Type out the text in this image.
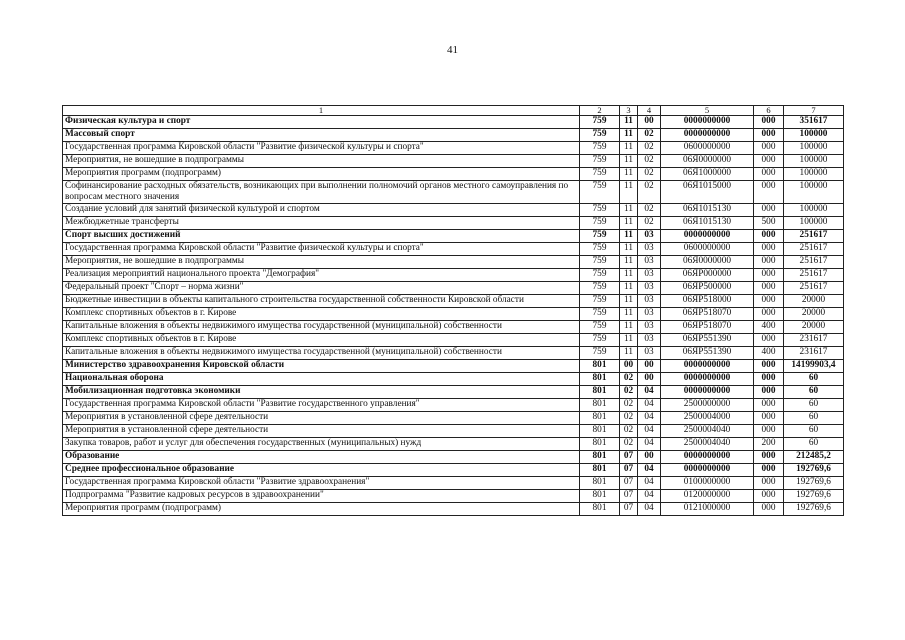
41
1	2	3	4	5	6	7
Физическая культура и спорт	759	11	00	0000000000	000	351617
Массовый спорт	759	11	02	0000000000	000	100000
Государственная программа Кировской области "Развитие физической культуры и спорта"	759	11	02	0600000000	000	100000
Мероприятия, не вошедшие в подпрограммы	759	11	02	06Я0000000	000	100000
Мероприятия программ (подпрограмм)	759	11	02	06Я1000000	000	100000
Софинансирование расходных обязательств, возникающих при выполнении полномочий органов местного самоуправления по вопросам местного значения	759	11	02	06Я1015000	000	100000
Создание условий для занятий физической культурой и спортом	759	11	02	06Я1015130	000	100000
Межбюджетные трансферты	759	11	02	06Я1015130	500	100000
Спорт высших достижений	759	11	03	0000000000	000	251617
Государственная программа Кировской области "Развитие физической культуры и спорта"	759	11	03	0600000000	000	251617
Мероприятия, не вошедшие в подпрограммы	759	11	03	06Я0000000	000	251617
Реализация мероприятий национального проекта "Демография"	759	11	03	06ЯР000000	000	251617
Федеральный проект "Спорт – норма жизни"	759	11	03	06ЯР500000	000	251617
Бюджетные инвестиции в объекты капитального строительства государственной собственности Кировской области	759	11	03	06ЯР518000	000	20000
Комплекс спортивных объектов в г. Кирове	759	11	03	06ЯР518070	000	20000
Капитальные вложения в объекты недвижимого имущества государственной (муниципальной) собственности	759	11	03	06ЯР518070	400	20000
Комплекс спортивных объектов в г. Кирове	759	11	03	06ЯР551390	000	231617
Капитальные вложения в объекты недвижимого имущества государственной (муниципальной) собственности	759	11	03	06ЯР551390	400	231617
Министерство здравоохранения Кировской области	801	00	00	0000000000	000	14199903,4
Национальная оборона	801	02	00	0000000000	000	60
Мобилизационная подготовка экономики	801	02	04	0000000000	000	60
Государственная программа Кировской области "Развитие государственного управления"	801	02	04	2500000000	000	60
Мероприятия в установленной сфере деятельности	801	02	04	2500004000	000	60
Мероприятия в установленной сфере деятельности	801	02	04	2500004040	000	60
Закупка товаров, работ и услуг для обеспечения государственных (муниципальных) нужд	801	02	04	2500004040	200	60
Образование	801	07	00	0000000000	000	212485,2
Среднее профессиональное образование	801	07	04	0000000000	000	192769,6
Государственная программа Кировской области "Развитие здравоохранения"	801	07	04	0100000000	000	192769,6
Подпрограмма "Развитие кадровых ресурсов в здравоохранении"	801	07	04	0120000000	000	192769,6
Мероприятия программ (подпрограмм)	801	07	04	0121000000	000	192769,6
